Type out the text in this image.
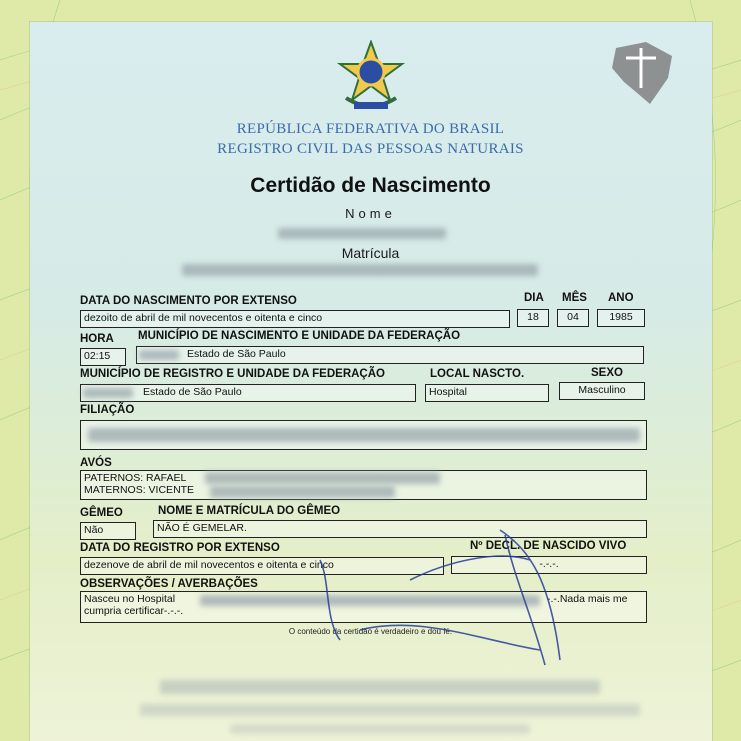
REPÚBLICA FEDERATIVA DO BRASIL
REGISTRO CIVIL DAS PESSOAS NATURAIS
Certidão de Nascimento
Nome
Matrícula
DATA DO NASCIMENTO POR EXTENSO	DIA MÊS ANO
dezoito de abril de mil novecentos e oitenta e cinco	18	04	1985
HORA MUNICÍPIO DE NASCIMENTO E UNIDADE DA FEDERAÇÃO
02:15	Estado de São Paulo
MUNICÍPIO DE REGISTRO E UNIDADE DA FEDERAÇÃO	LOCAL NASCTO.	SEXO
Estado de São Paulo	Hospital	Masculino
FILIAÇÃO
AVÓS
PATERNOS: RAFAEL
MATERNOS: VICENTE
GÊMEO	NOME E MATRÍCULA DO GÊMEO
Não	NÃO É GEMELAR.
DATA DO REGISTRO POR EXTENSO	Nº DECL. DE NASCIDO VIVO
dezenove de abril de mil novecentos e oitenta e cinco	-.-.-.
OBSERVAÇÕES / AVERBAÇÕES
Nasceu no Hospital	-.-.Nada mais me
cumpria certificar-.-.-.
O conteúdo da certidão é verdadeiro e dou fé.
